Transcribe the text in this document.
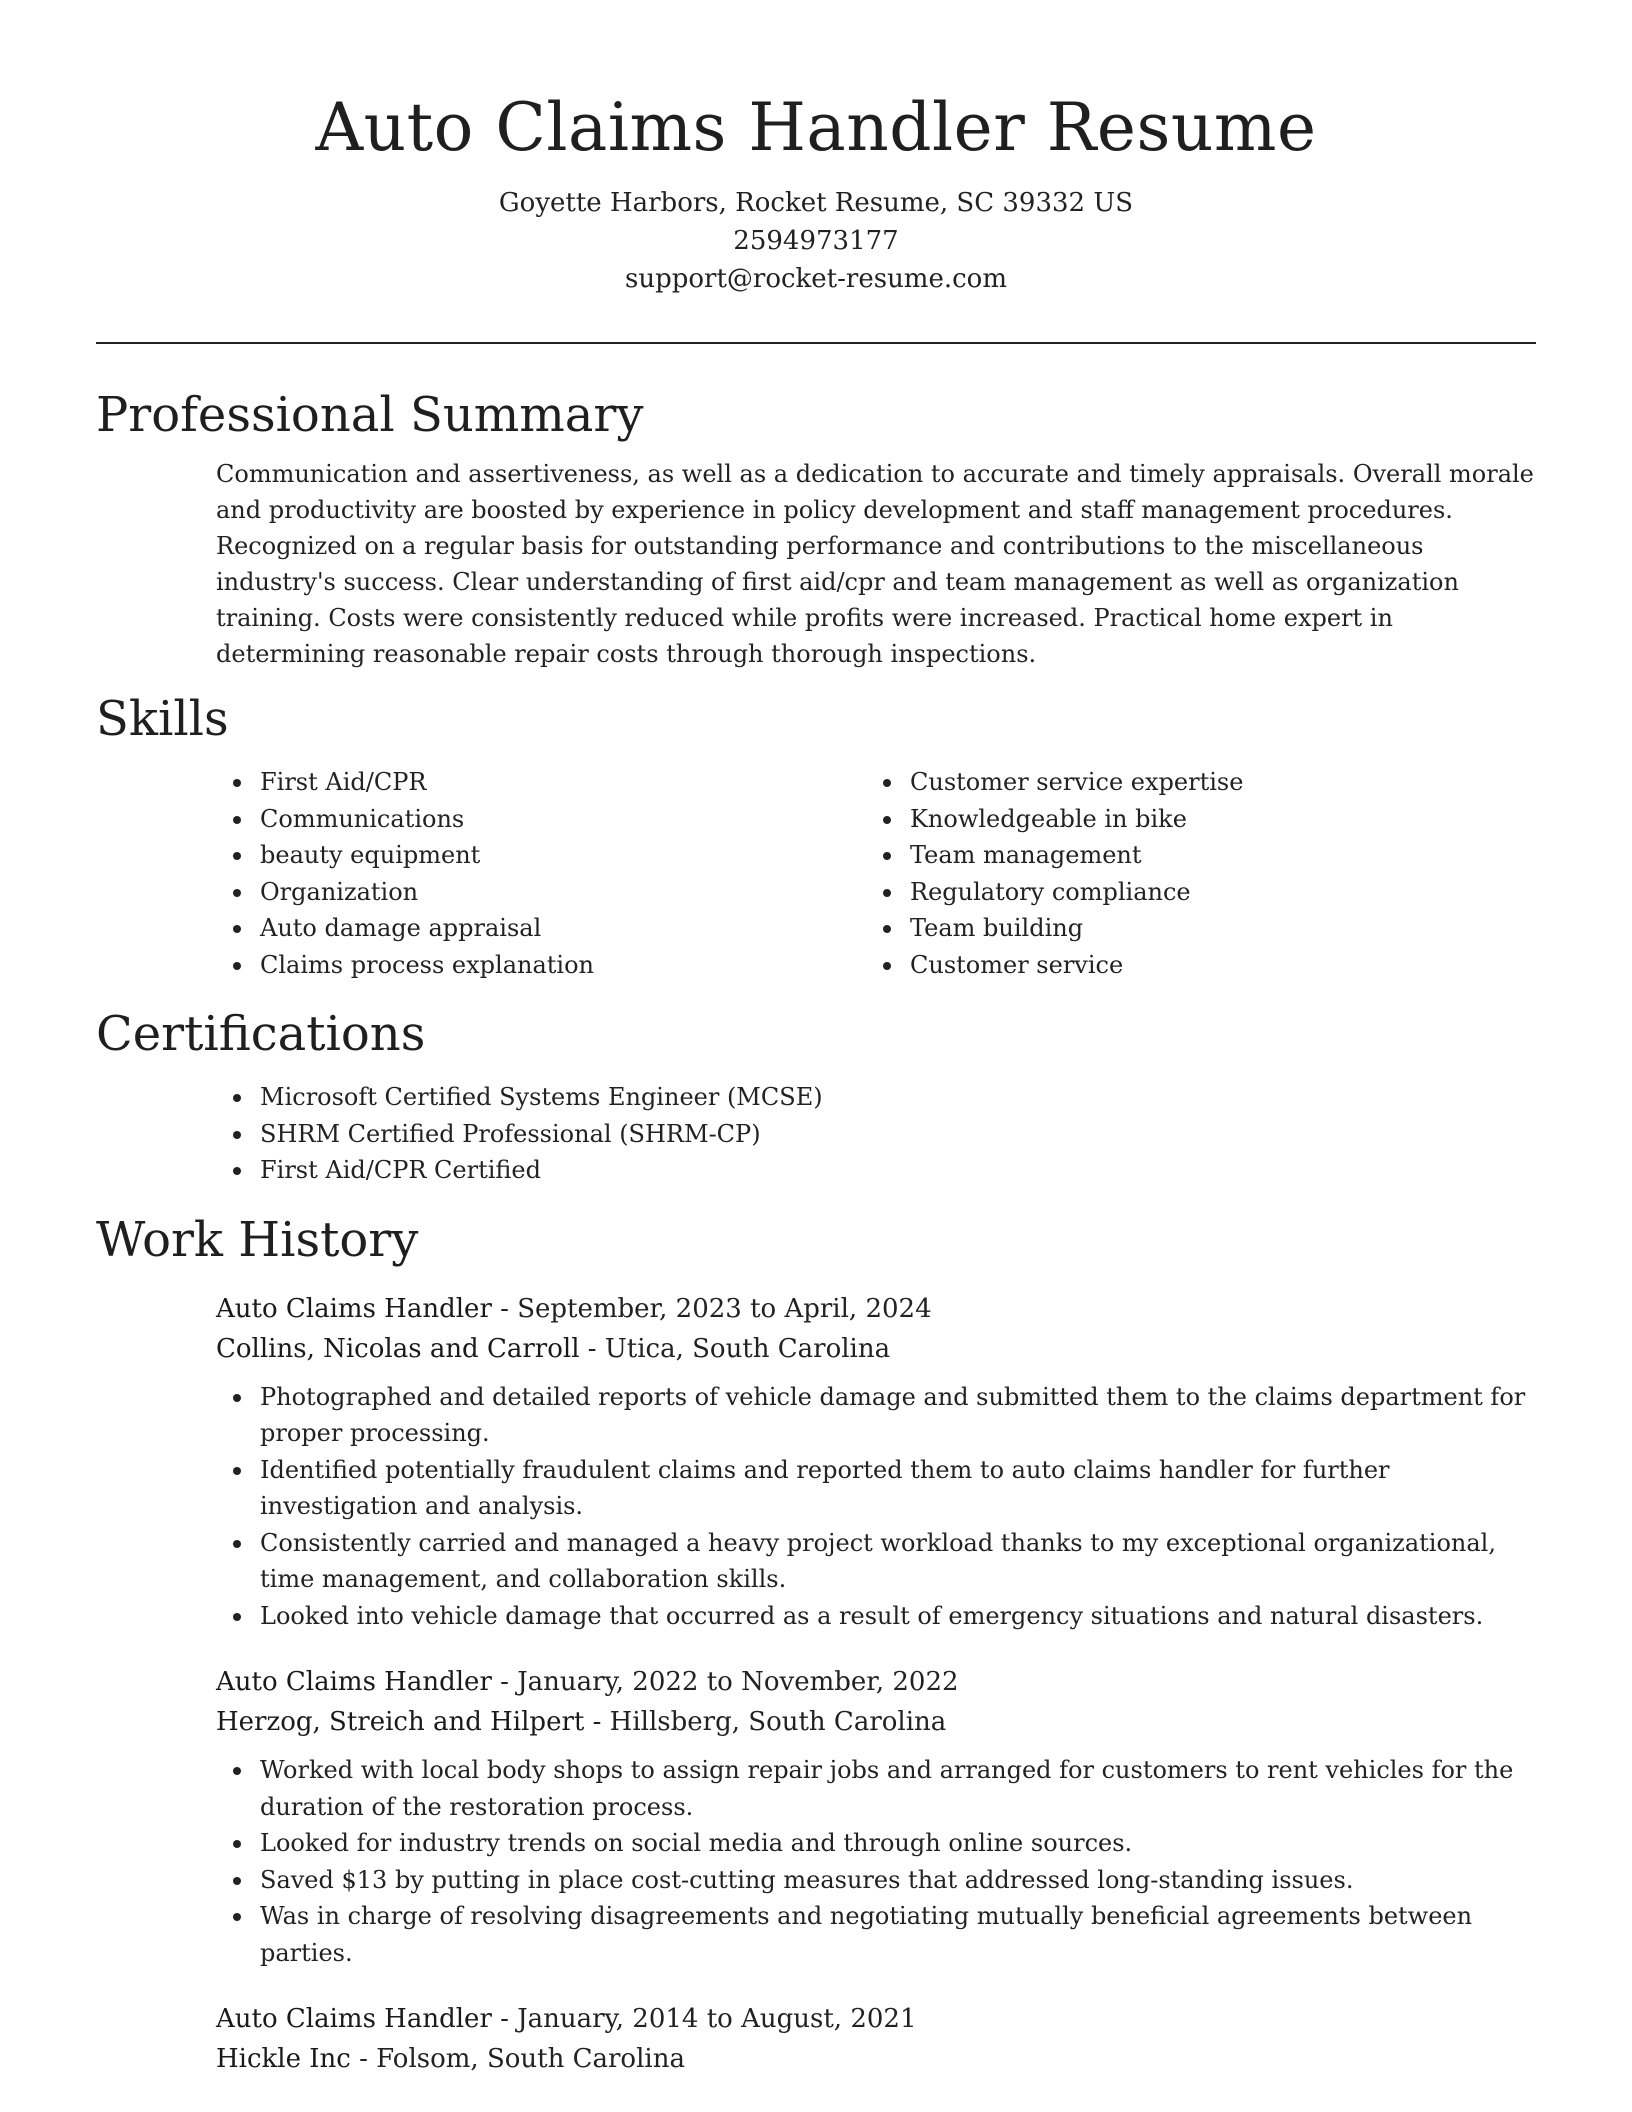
Auto Claims Handler Resume

Goyette Harbors, Rocket Resume, SC 39332 US

2594973177

support@rocket-resume.com

Professional Summary

Communication and assertiveness, as well as a dedication to accurate and timely appraisals. Overall morale and productivity are boosted by experience in policy development and staff management procedures. Recognized on a regular basis for outstanding performance and contributions to the miscellaneous industry's success. Clear understanding of first aid/cpr and team management as well as organization training. Costs were consistently reduced while profits were increased. Practical home expert in determining reasonable repair costs through thorough inspections.

Skills
First Aid/CPR
Communications
beauty equipment
Organization
Auto damage appraisal
Claims process explanation
Customer service expertise
Knowledgeable in bike
Team management
Regulatory compliance
Team building
Customer service
Certifications
Microsoft Certified Systems Engineer (MCSE)
SHRM Certified Professional (SHRM-CP)
First Aid/CPR Certified
Work History

Auto Claims Handler - September, 2023 to April, 2024

Collins, Nicolas and Carroll - Utica, South Carolina

Photographed and detailed reports of vehicle damage and submitted them to the claims department for proper processing.
Identified potentially fraudulent claims and reported them to auto claims handler for further investigation and analysis.
Consistently carried and managed a heavy project workload thanks to my exceptional organizational, time management, and collaboration skills.
Looked into vehicle damage that occurred as a result of emergency situations and natural disasters.

Auto Claims Handler - January, 2022 to November, 2022

Herzog, Streich and Hilpert - Hillsberg, South Carolina

Worked with local body shops to assign repair jobs and arranged for customers to rent vehicles for the duration of the restoration process.
Looked for industry trends on social media and through online sources.
Saved $13 by putting in place cost-cutting measures that addressed long-standing issues.
Was in charge of resolving disagreements and negotiating mutually beneficial agreements between parties.

Auto Claims Handler - January, 2014 to August, 2021

Hickle Inc - Folsom, South Carolina
